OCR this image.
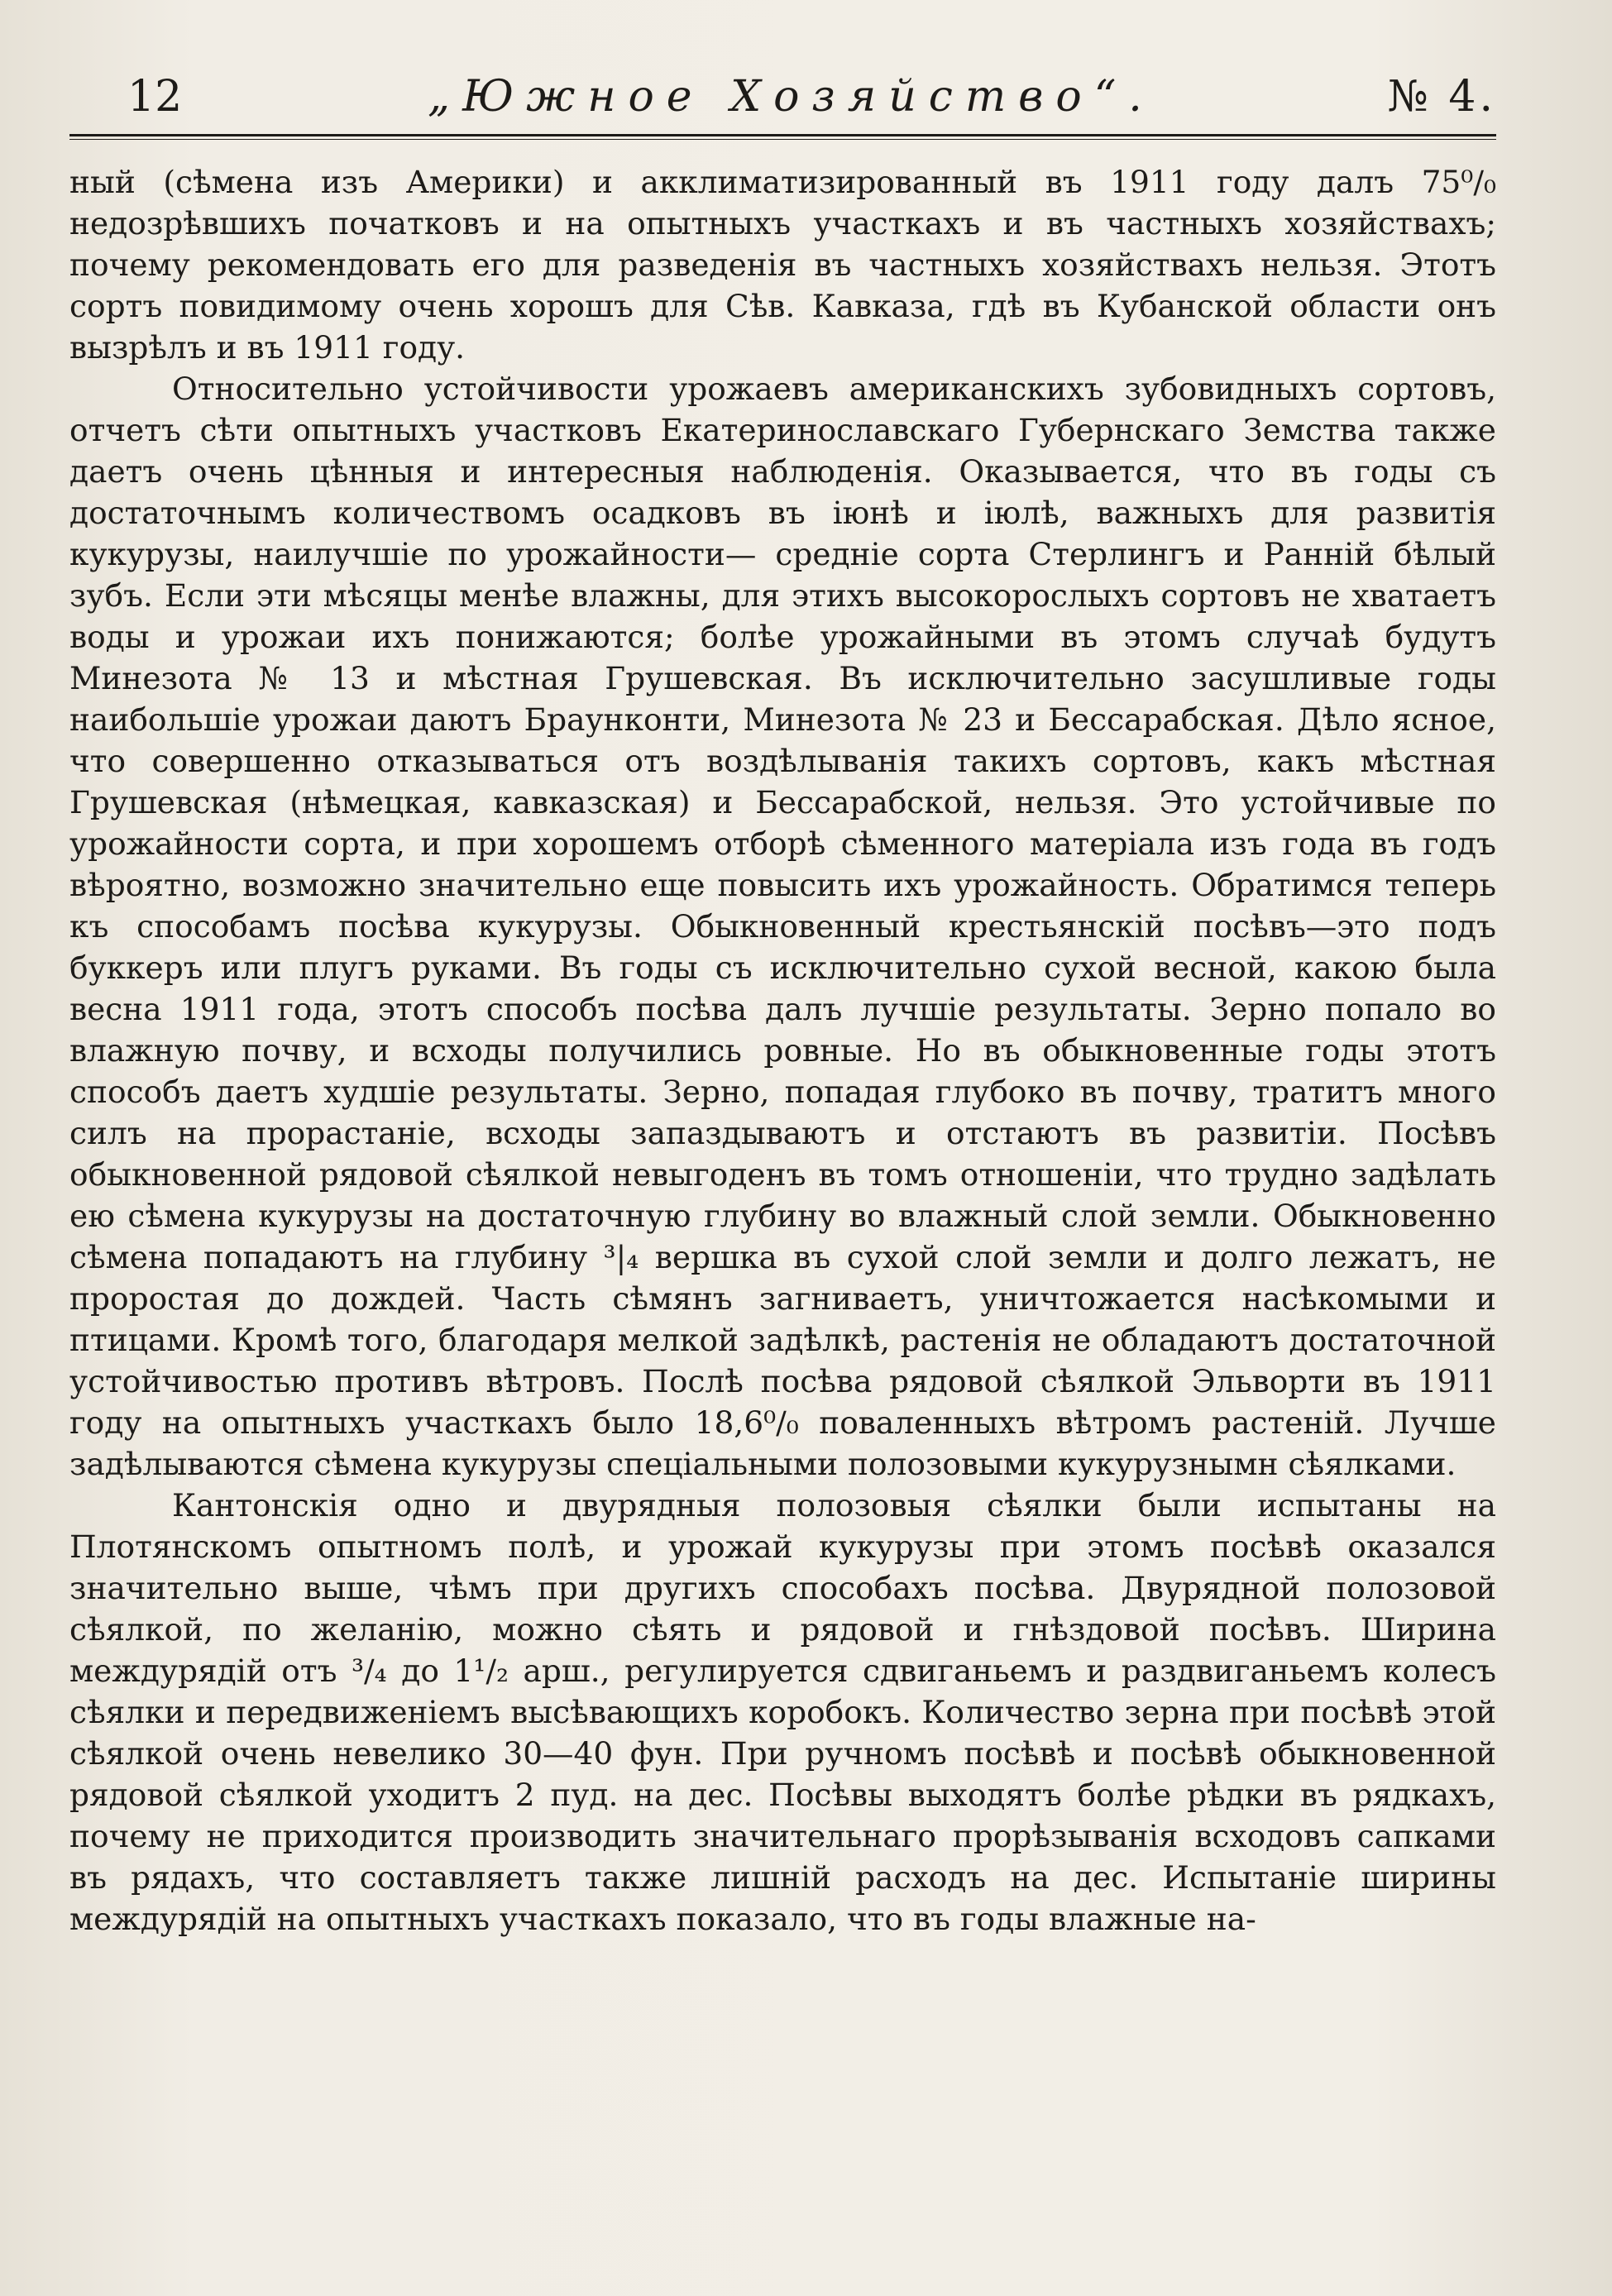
12	„Южное Хозяйство“.	№ 4.

ный (сѣмена изъ Америки) и акклиматизированный въ 1911 году далъ 75⁰/₀ недозрѣвшихъ початковъ и на опытныхъ участкахъ и въ частныхъ хозяйствахъ; почему рекомендовать его для разведенія въ частныхъ хозяйствахъ нельзя. Этотъ сортъ повидимому очень хорошъ для Сѣв. Кавказа, гдѣ въ Кубанской области онъ вызрѣлъ и въ 1911 году.

Относительно устойчивости урожаевъ американскихъ зубовидныхъ сортовъ, отчетъ сѣти опытныхъ участковъ Екатеринославскаго Губернскаго Земства также даетъ очень цѣнныя и интересныя наблюденія. Оказывается, что въ годы съ достаточнымъ количествомъ осадковъ въ іюнѣ и іюлѣ, важныхъ для развитія кукурузы, наилучшіе по урожайности— средніе сорта Стерлингъ и Ранній бѣлый зубъ. Если эти мѣсяцы менѣе влажны, для этихъ высокорослыхъ сортовъ не хватаетъ воды и урожаи ихъ понижаются; болѣе урожайными въ этомъ случаѣ будутъ Минезота № 13 и мѣстная Грушевская. Въ исключительно засушливые годы наибольшіе урожаи даютъ Браунконти, Минезота № 23 и Бессарабская. Дѣло ясное, что совершенно отказываться отъ воздѣлыванія такихъ сортовъ, какъ мѣстная Грушевская (нѣмецкая, кавказская) и Бессарабской, нельзя. Это устойчивые по урожайности сорта, и при хорошемъ отборѣ сѣменного матеріала изъ года въ годъ вѣроятно, возможно значительно еще повысить ихъ урожайность. Обратимся теперь къ способамъ посѣва кукурузы. Обыкновенный крестьянскій посѣвъ—это подъ буккеръ или плугъ руками. Въ годы съ исключительно сухой весной, какою была весна 1911 года, этотъ способъ посѣва далъ лучшіе результаты. Зерно попало во влажную почву, и всходы получились ровные. Но въ обыкновенные годы этотъ способъ даетъ худшіе результаты. Зерно, попадая глубоко въ почву, тратитъ много силъ на прорастаніе, всходы запаздываютъ и отстаютъ въ развитіи. Посѣвъ обыкновенной рядовой сѣялкой невыгоденъ въ томъ отношеніи, что трудно задѣлать ею сѣмена кукурузы на достаточную глубину во влажный слой земли. Обыкновенно сѣмена попадаютъ на глубину ³|₄ вершка въ сухой слой земли и долго лежатъ, не проростая до дождей. Часть сѣмянъ загниваетъ, уничтожается насѣкомыми и птицами. Кромѣ того, благодаря мелкой задѣлкѣ, растенія не обладаютъ достаточной устойчивостью противъ вѣтровъ. Послѣ посѣва рядовой сѣялкой Эльворти въ 1911 году на опытныхъ участкахъ было 18,6⁰/₀ поваленныхъ вѣтромъ растеній. Лучше задѣлываются сѣмена кукурузы спеціальными полозовыми кукурузнымн сѣялками.

Кантонскія одно и двурядныя полозовыя сѣялки были испытаны на Плотянскомъ опытномъ полѣ, и урожай кукурузы при этомъ посѣвѣ оказался значительно выше, чѣмъ при другихъ способахъ посѣва. Двурядной полозовой сѣялкой, по желанію, можно сѣять и рядовой и гнѣздовой посѣвъ. Ширина междурядій отъ ³/₄ до 1¹/₂ арш., регулируется сдвиганьемъ и раздвиганьемъ колесъ сѣялки и передвиженіемъ высѣвающихъ коробокъ. Количество зерна при посѣвѣ этой сѣялкой очень невелико 30—40 фун. При ручномъ посѣвѣ и посѣвѣ обыкновенной рядовой сѣялкой уходитъ 2 пуд. на дес. Посѣвы выходятъ болѣе рѣдки въ рядкахъ, почему не приходится производить значительнаго прорѣзыванія всходовъ сапками въ рядахъ, что составляетъ также лишній расходъ на дес. Испытаніе ширины междурядій на опытныхъ участкахъ показало, что въ годы влажные на-
